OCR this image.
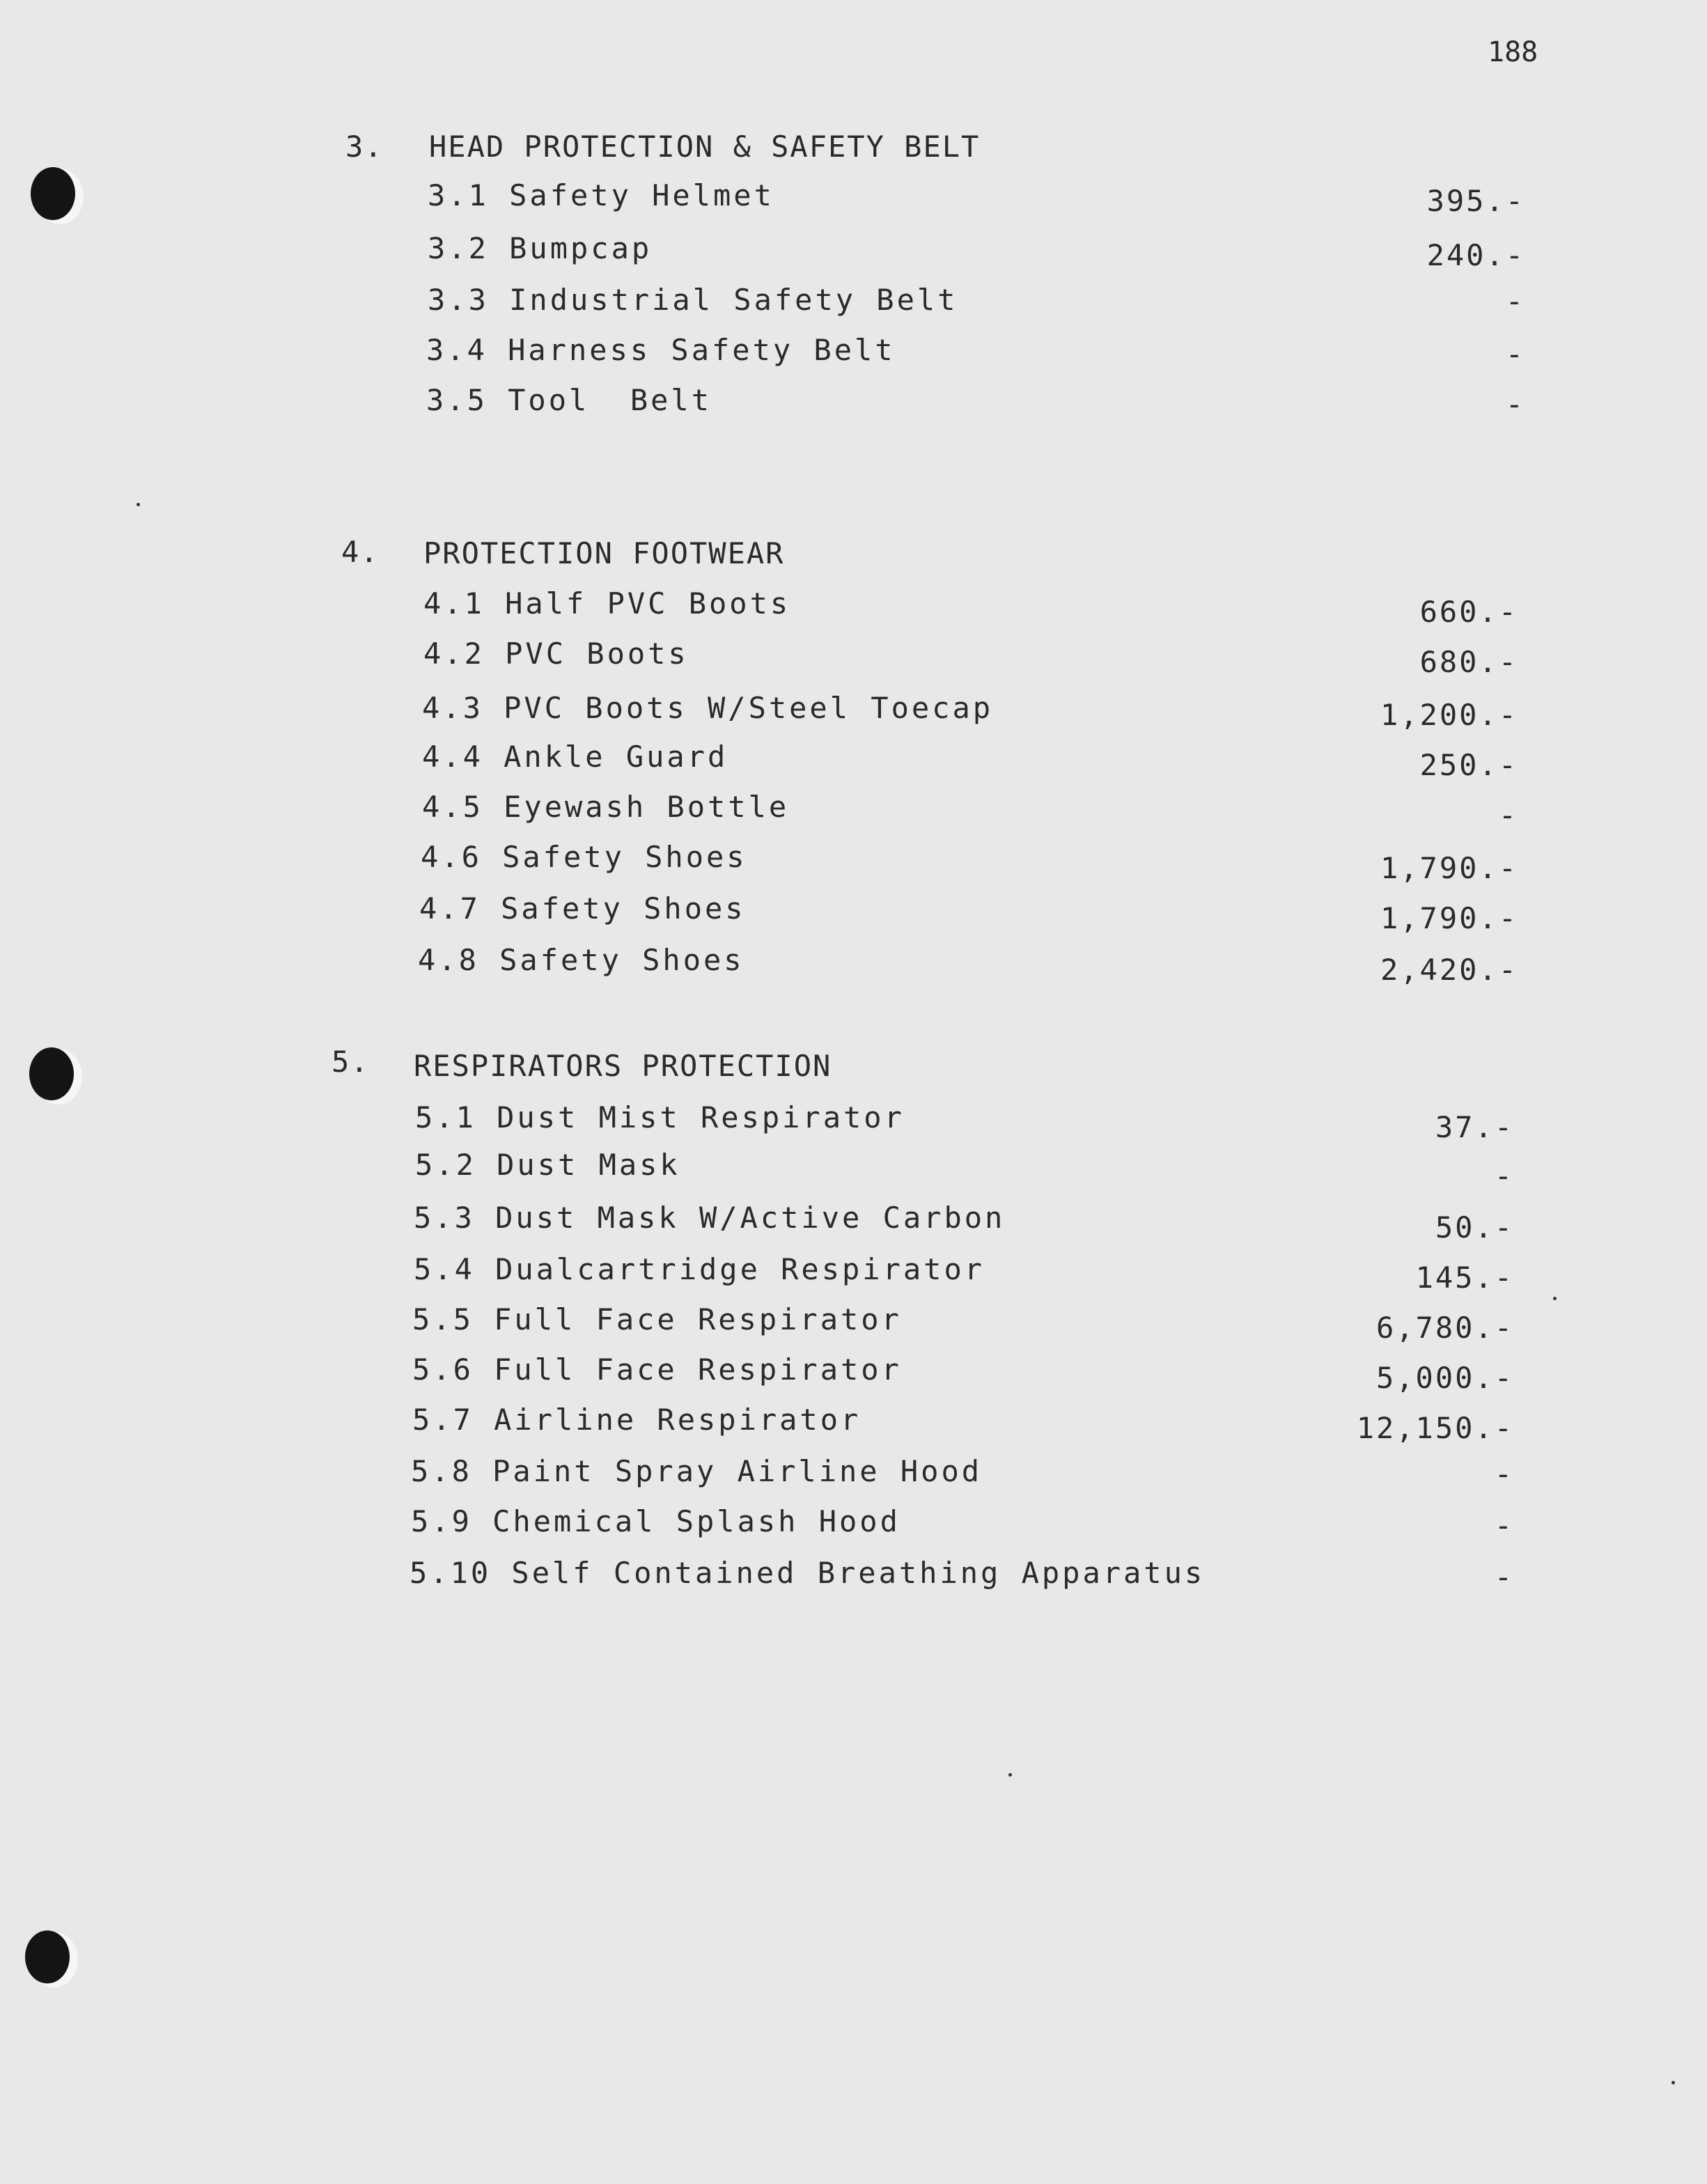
188
3. HEAD PROTECTION & SAFETY BELT
3.1 Safety Helmet	395.-
3.2 Bumpcap	240.-
3.3 Industrial Safety Belt	-
3.4 Harness Safety Belt	-
3.5 Tool  Belt	-
4. PROTECTION FOOTWEAR
4.1 Half PVC Boots	660.-
4.2 PVC Boots	680.-
4.3 PVC Boots W/Steel Toecap	1,200.-
4.4 Ankle Guard	250.-
4.5 Eyewash Bottle	-
4.6 Safety Shoes	1,790.-
4.7 Safety Shoes	1,790.-
4.8 Safety Shoes	2,420.-
5. RESPIRATORS PROTECTION
5.1 Dust Mist Respirator	37.-
5.2 Dust Mask	-
5.3 Dust Mask W/Active Carbon	50.-
5.4 Dualcartridge Respirator	145.-
5.5 Full Face Respirator	6,780.-
5.6 Full Face Respirator	5,000.-
5.7 Airline Respirator	12,150.-
5.8 Paint Spray Airline Hood	-
5.9 Chemical Splash Hood	-
5.10 Self Contained Breathing Apparatus	-
